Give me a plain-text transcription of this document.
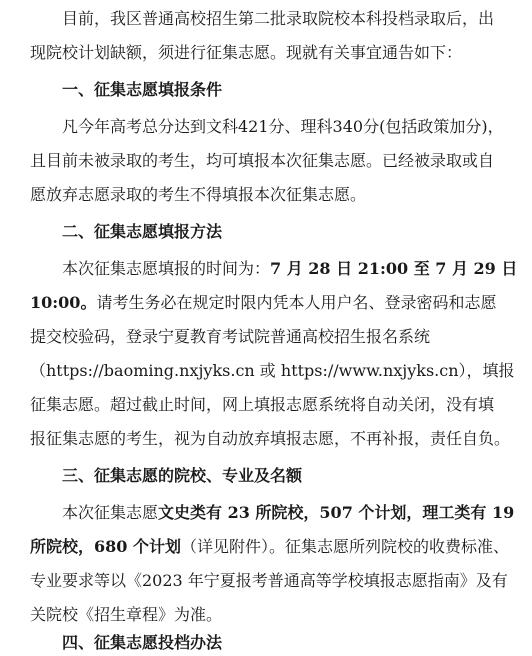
目前，我区普通高校招生第二批录取院校本科投档录取后，出
现院校计划缺额，须进行征集志愿。现就有关事宜通告如下：
一、征集志愿填报条件
凡今年高考总分达到文科421分、理科340分(包括政策加分)，
且目前未被录取的考生，均可填报本次征集志愿。已经被录取或自
愿放弃志愿录取的考生不得填报本次征集志愿。
二、征集志愿填报方法
本次征集志愿填报的时间为：7 月 28 日 21:00 至 7 月 29 日
10:00。请考生务必在规定时限内凭本人用户名、登录密码和志愿
提交校验码，登录宁夏教育考试院普通高校招生报名系统
（https://baoming.nxjyks.cn 或 https://www.nxjyks.cn），填报
征集志愿。超过截止时间，网上填报志愿系统将自动关闭，没有填
报征集志愿的考生，视为自动放弃填报志愿，不再补报，责任自负。
三、征集志愿的院校、专业及名额
本次征集志愿文史类有 23 所院校，507 个计划，理工类有 19
所院校，680 个计划（详见附件）。征集志愿所列院校的收费标准、
专业要求等以《2023 年宁夏报考普通高等学校填报志愿指南》及有
关院校《招生章程》为准。
四、征集志愿投档办法
